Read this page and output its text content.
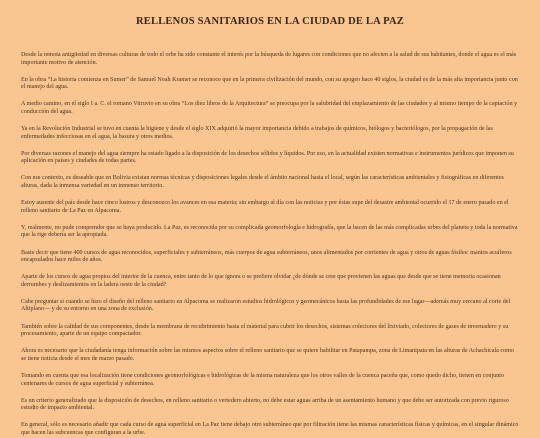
RELLENOS SANITARIOS EN LA CIUDAD DE LA PAZ

Desde la remota antigüedad en diversas culturas de todo el orbe ha sido constante el interés por la búsqueda de lugares con condiciones que no afecten a la salud de sus habitantes, donde el agua es el más importante motivo de atención.

En la obra “La historia comienza en Sumer” de Samuel Noah Kramer se reconoce que en la primera civilización del mundo, con su apogeo hace 40 siglos, la ciudad es de la más alta importancia junto con el manejo del agua.

A medio camino, en el siglo I a. C. el romano Vitruvio en su obra “Los diez libros de la Arquitectura” se preocupa por la salubridad del emplazamiento de las ciudades y al mismo tiempo de la captación y conducción del agua.

Ya en la Revolución Industrial se tuvo en cuenta la higiene y desde el siglo XIX adquirió la mayor importancia debido a trabajos de químicos, biólogos y bacteriólogos, por la propagación de las enfermedades infecciosas en el agua, la basura y otros medios.

Por diversas razones el manejo del agua siempre ha estado ligado a la disposición de los desechos sólidos y líquidos. Por eso, en la actualidad existen normativas e instrumentos jurídicos que imponen su aplicación en países y ciudades de todas partes.

Con ese contexto, es deseable que en Bolivia existan normas técnicas y disposiciones legales desde el ámbito nacional hasta el local, según las características ambientales y fisiográficas en diferentes alturas, dada la inmensa variedad en un inmenso territorio.

Estoy ausente del país desde hace cinco lustros y desconozco los avances en esa materia; sin embargo al día con las noticias y por éstas supe del desastre ambiental ocurrido el 17 de enero pasado en el relleno sanitario de La Paz en Alpacoma.

Y, realmente, no pude comprender que se haya producido. La Paz, es reconocida por su complicada geomorfología e hidrografía, que la hacen de las más complicadas urbes del planeta y toda la normativa que la rige debería ser la apropiada.

Baste decir que tiene 400 cursos de agua reconocidos, superficiales y subterráneos, más cuerpos de agua subterráneos, unos alimentados por corrientes de agua y otros de aguas fósiles: mantos acuíferos encapsulados hace miles de años.

Aparte de los cursos de agua propios del interior de la cuenca, entre tanto de lo que ignora o se prefiere olvidar ¿de dónde se cree que provienen las aguas que desde que se tiene memoria ocasionan derrumbes y deslizamientos en la ladera oeste de la ciudad?

Cabe preguntar si cuando se hizo el diseño del relleno sanitario en Alpacoma se realizaron estudios hidrológicos y geomecánicos hasta las profundidades de ese lugar—además muy cercano al corte del Altiplano— y de su entorno en una zona de exclusión.

También sobre la calidad de sus componentes, desde la membrana de recubrimiento hasta el material para cubrir los desechos, sistemas colectores del lixiviado, colectores de gases de invernadero y su procesamiento, aparte de un equipo compactador.

Ahora es necesario que la ciudadanía tenga información sobre las mismos aspectos sobre el relleno sanitario que se quiere habilitar en Patapampa, zona de Limanipata en las alturas de Achachicala como se tiene noticia desde el mes de marzo pasado.

Tomando en cuenta que esa localización tiene condiciones geomorfológicas e hidrológicas de la misma naturaleza que los otros valles de la cuenca paceña que, como quedo dicho, tienen en conjunto centenares de cursos de agua superficial y subterránea.

Es un criterio generalizado que la disposición de desechos, en relleno sanitario o vertedero abierto, no debe estar aguas arriba de un asentamiento humano y que debe ser autorizada con previo riguroso estudio de impacto ambiental.

En general, sólo es necesario añadir que cada curso de agua superficial en La Paz tiene debajo otro subterráneo que por filtración tiene las mismas características físicas y químicas, en el singular dinámico que hacen las subcuencas que configuran a la urbe.
